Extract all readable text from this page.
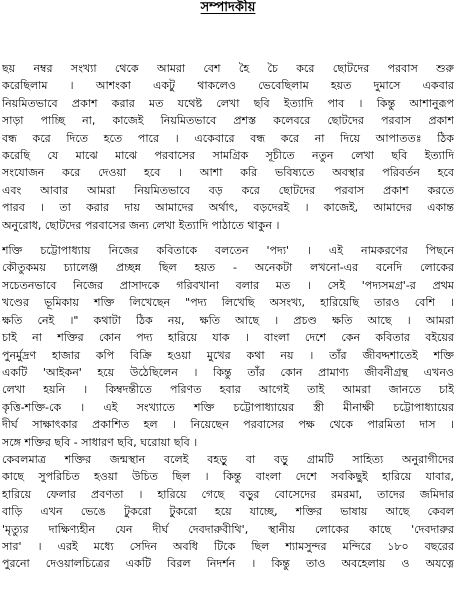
সম্পাদকীয়
ছয় নম্বর সংখ্যা থেকে আমরা বেশ হৈ চৈ করে ছোটদের পরবাস শুরু
করেছিলাম । আশংকা একটু থাকলেও ভেবেছিলাম হয়ত দুমাসে একবার
নিয়মিতভাবে প্রকাশ করার মত যথেষ্ট লেখা ছবি ইত্যাদি পাব । কিন্তু আশানুরূপ
সাড়া পাচ্ছি না, কাজেই নিয়মিতভাবে প্রশস্ত কলেবরে ছোটদের পরবাস প্রকাশ
বন্ধ করে দিতে হতে পারে । একেবারে বন্ধ করে না দিয়ে আপাততঃ ঠিক
করেছি যে মাঝে মাঝে পরবাসের সামগ্রিক সূচীতে নতুন লেখা ছবি ইত্যাদি
সংযোজন করে দেওয়া হবে । আশা করি ভবিষ্যতে অবস্থার পরিবর্তন হবে
এবং আবার আমরা নিয়মিতভাবে বড় করে ছোটদের পরবাস প্রকাশ করতে
পারব । তা করার দায় আমাদের অর্থাৎ, বড়দেরই । কাজেই, আমাদের একান্ত
অনুরোধ, ছোটদের পরবাসের জন্য লেখা ইত্যাদি পাঠাতে থাকুন ।
শক্তি চট্টোপাধ্যায় নিজের কবিতাকে বলতেন 'পদ্য' । এই নামকরণের পিছনে
কৌতুকময় চ্যালেঞ্জ প্রচ্ছন্ন ছিল হয়ত - অনেকটা লখনো-এর বনেদি লোকের
সচেতনভাবে নিজের প্রাসাদকে গরিবখানা বলার মত । সেই 'পদ্যসমগ্র'-র প্রথম
খণ্ডের ভূমিকায় শক্তি লিখেছেন "পদ্য লিখেছি অসংখ্য, হারিয়েছি তারও বেশি ।
ক্ষতি নেই ।" কথাটা ঠিক নয়, ক্ষতি আছে । প্রচণ্ড ক্ষতি আছে । আমরা
চাই না শক্তির কোন পদ্য হারিয়ে যাক । বাংলা দেশে কেন কবিতার বইয়ের
পুনর্মুদ্রণ হাজার কপি বিক্রি হওয়া মুখের কথা নয় । তাঁর জীবদ্দশাতেই শক্তি
একটি 'আইকন' হয়ে উঠেছিলেন । কিন্তু তাঁর কোন প্রামাণ্য জীবনীগ্রন্থ এখনও
লেখা হয়নি । কিম্বদন্তীতে পরিণত হবার আগেই তাই আমরা জানতে চাই
কৃত্তি-শক্তি-কে । এই সংখ্যাতে শক্তি চট্টোপাধ্যায়ের স্ত্রী মীনাক্ষী চট্টোপাধ্যায়ের
দীর্ঘ সাক্ষাৎকার প্রকাশিত হল । নিয়েছেন পরবাসের পক্ষ থেকে পারমিতা দাস ।
সঙ্গে শক্তির ছবি - সাধারণ ছবি, ঘরোয়া ছবি ।
কেবলমাত্র শক্তির জন্মস্থান বলেই বহড়ু বা বড়ু গ্রামটি সাহিত্য অনুরাগীদের
কাছে সুপরিচিত হওয়া উচিত ছিল । কিন্তু বাংলা দেশে সবকিছুই হারিয়ে যাবার,
হারিয়ে ফেলার প্রবণতা । হারিয়ে গেছে বড়ুর বোসেদের রমরমা, তাদের জমিদার
বাড়ি এখন ভেঙে টুকরো টুকরো হয়ে যাচ্ছে, শক্তির ভাষায় আছে কেবল
'মৃত্যুর দাক্ষিণ্যহীন যেন দীর্ঘ দেবদারুবীথি', স্থানীয় লোকের কাছে 'দেবদারুর
সার' । এরই মধ্যে সেদিন অবধি টিকে ছিল শ্যামসুন্দর মন্দিরে ১৮০ বছরের
পুরনো দেওয়ালচিত্রের একটি বিরল নিদর্শন । কিন্তু তাও অবহেলায় ও অযত্নে
